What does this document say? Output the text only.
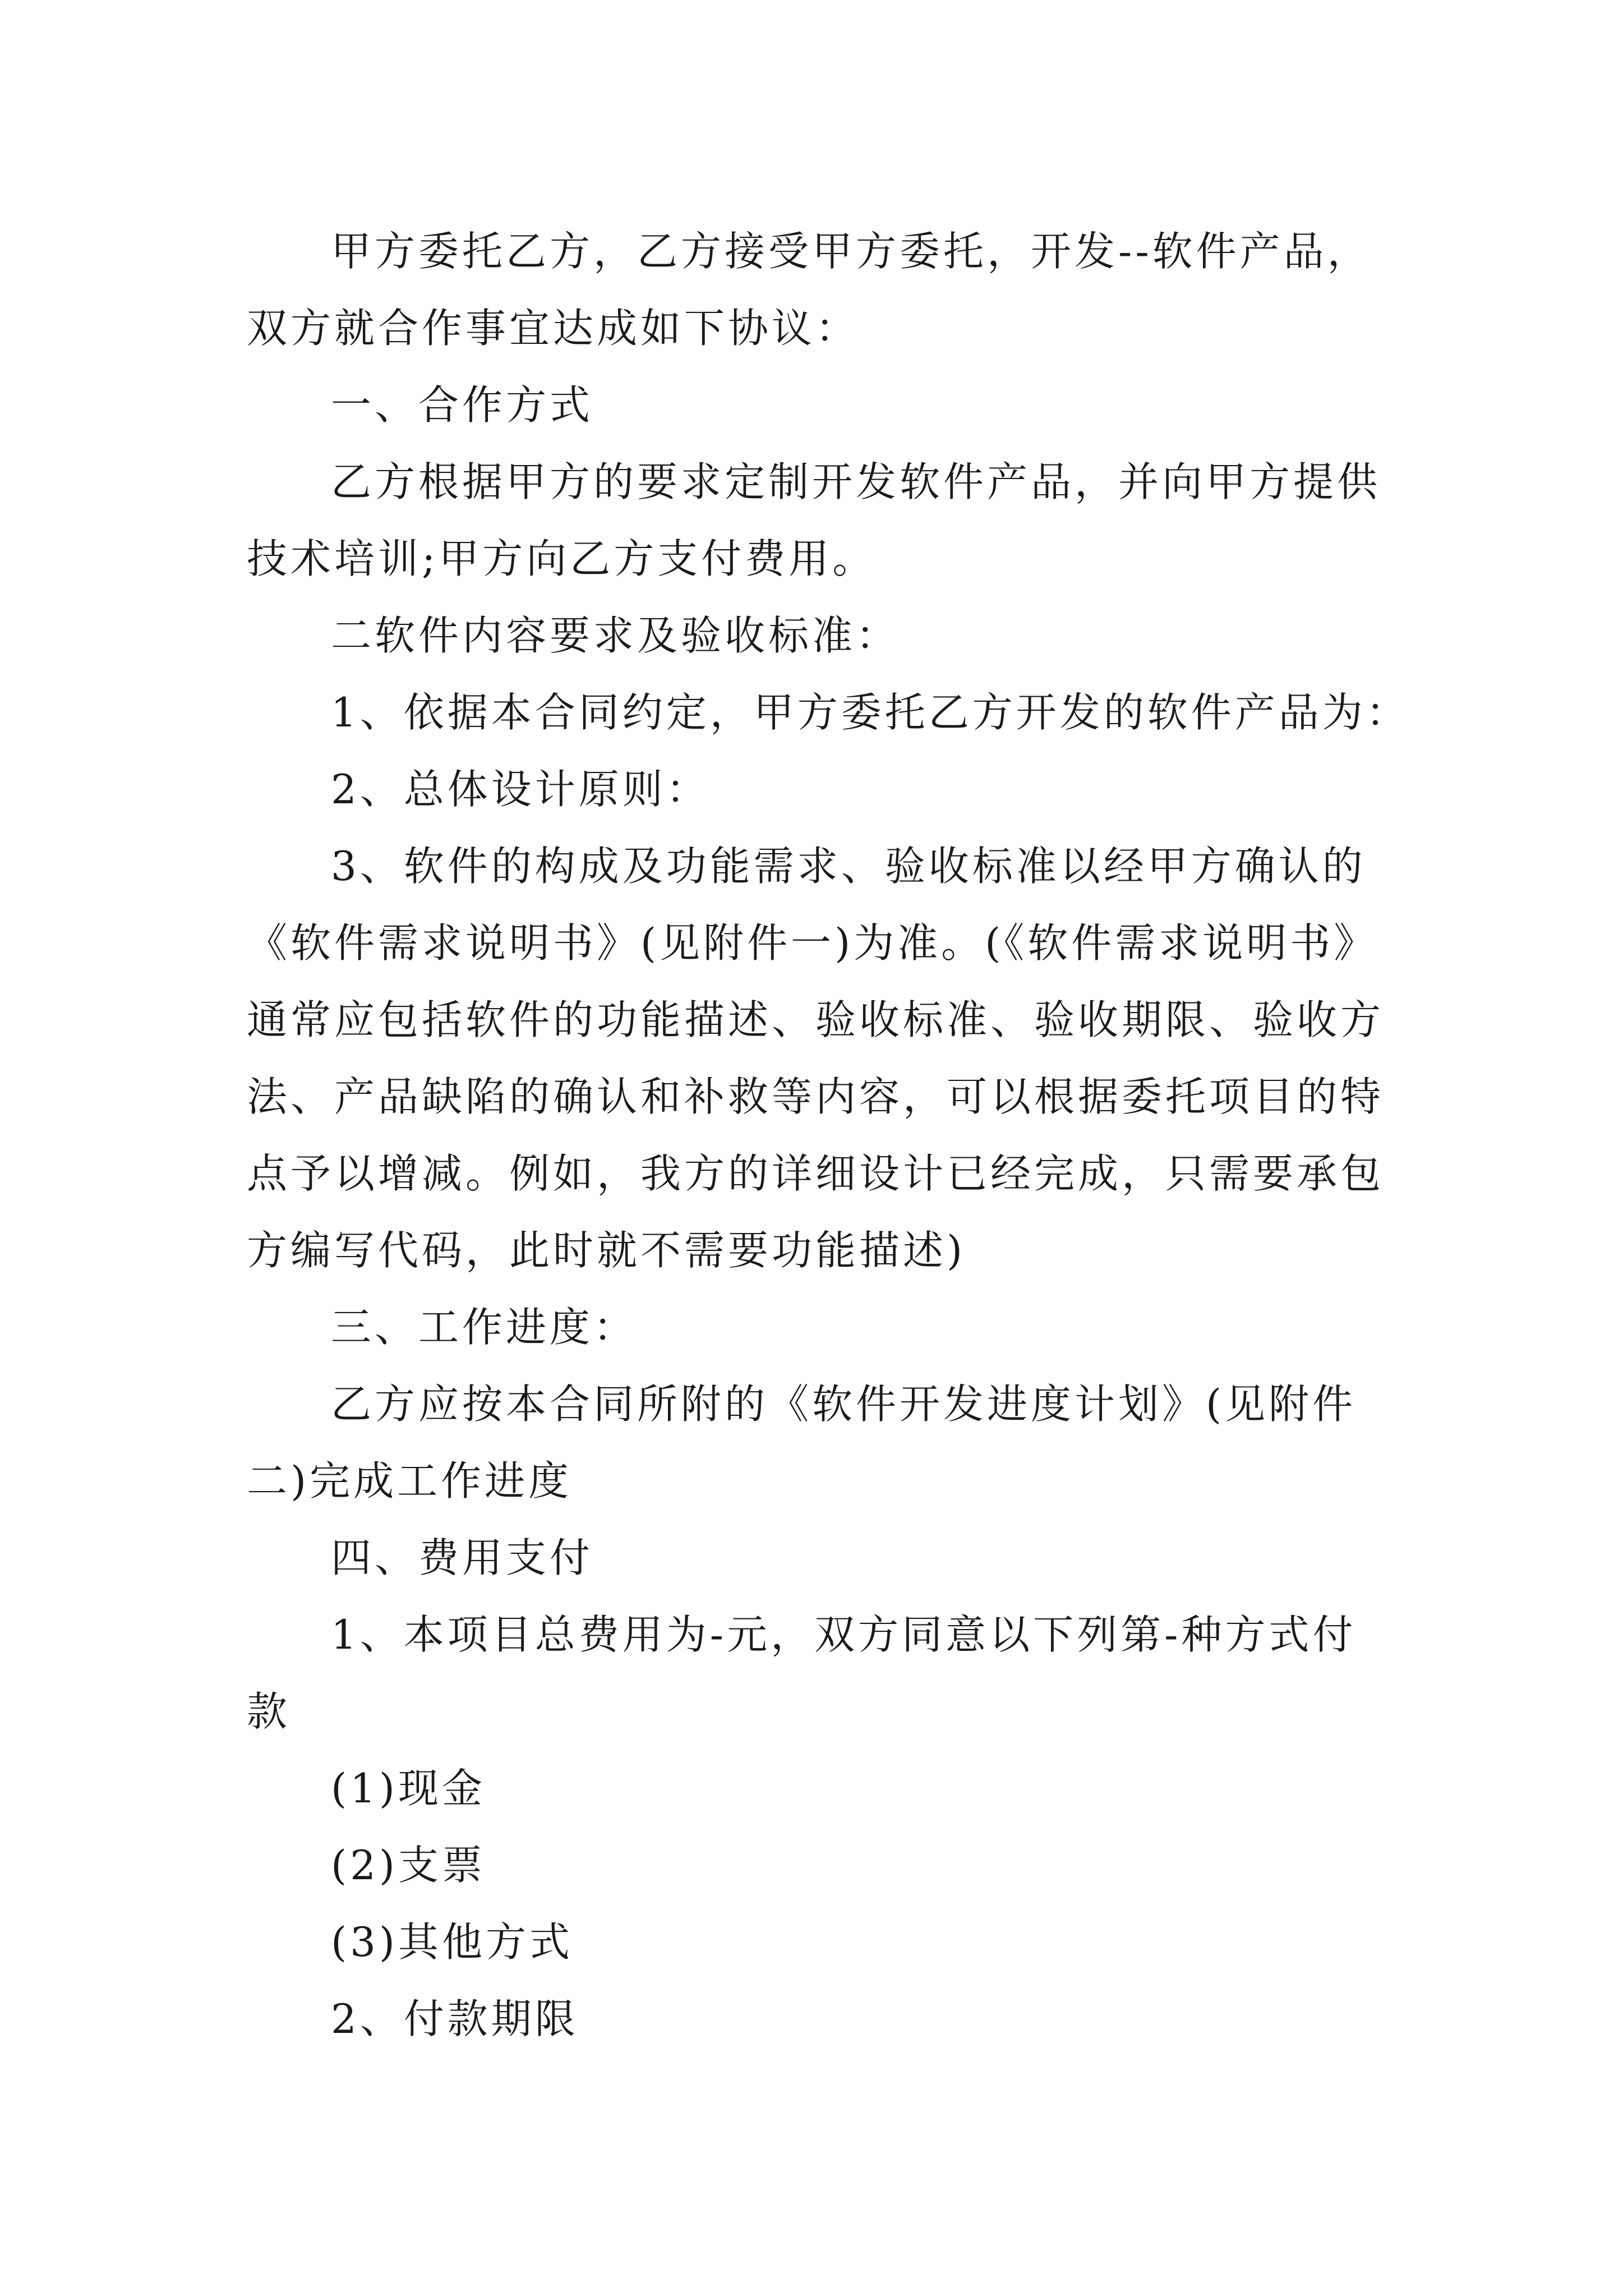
甲方委托乙方，乙方接受甲方委托，开发--软件产品，

双方就合作事宜达成如下协议：

一、合作方式

乙方根据甲方的要求定制开发软件产品，并向甲方提供

技术培训;甲方向乙方支付费用。

二软件内容要求及验收标准：

1、依据本合同约定，甲方委托乙方开发的软件产品为：

2、总体设计原则：

3、软件的构成及功能需求、验收标准以经甲方确认的

《软件需求说明书》(见附件一)为准。(《软件需求说明书》

通常应包括软件的功能描述、验收标准、验收期限、验收方

法、产品缺陷的确认和补救等内容，可以根据委托项目的特

点予以增减。例如，我方的详细设计已经完成，只需要承包

方编写代码，此时就不需要功能描述)

三、工作进度：

乙方应按本合同所附的《软件开发进度计划》(见附件

二)完成工作进度

四、费用支付

1、本项目总费用为-元，双方同意以下列第-种方式付

款

(1)现金

(2)支票

(3)其他方式

2、付款期限
